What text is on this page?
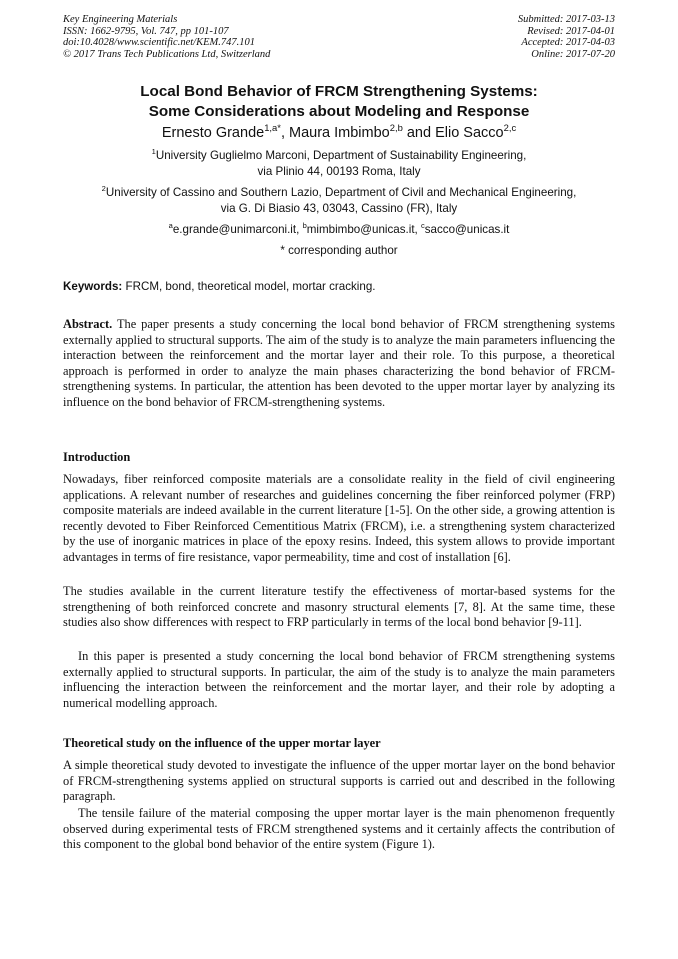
Key Engineering Materials
ISSN: 1662-9795, Vol. 747, pp 101-107
doi:10.4028/www.scientific.net/KEM.747.101
© 2017 Trans Tech Publications Ltd, Switzerland
Submitted: 2017-03-13
Revised: 2017-04-01
Accepted: 2017-04-03
Online: 2017-07-20
Local Bond Behavior of FRCM Strengthening Systems:
Some Considerations about Modeling and Response
Ernesto Grande$^{1,a*}$, Maura Imbimbo$^{2,b}$ and Elio Sacco$^{2,c}$
$^1$University Guglielmo Marconi, Department of Sustainability Engineering,
via Plinio 44, 00193 Roma, Italy
$^2$University of Cassino and Southern Lazio, Department of Civil and Mechanical Engineering,
via G. Di Biasio 43, 03043, Cassino (FR), Italy
$^a$e.grande@unimarconi.it, $^b$mimbimbo@unicas.it, $^c$sacco@unicas.it
* corresponding author
Keywords: FRCM, bond, theoretical model, mortar cracking.
Abstract. The paper presents a study concerning the local bond behavior of FRCM strengthening systems externally applied to structural supports. The aim of the study is to analyze the main parameters influencing the interaction between the reinforcement and the mortar layer and their role. To this purpose, a theoretical approach is performed in order to analyze the main phases characterizing the bond behavior of FRCM-strengthening systems. In particular, the attention has been devoted to the upper mortar layer by analyzing its influence on the bond behavior of FRCM-strengthening systems.
Introduction
Nowadays, fiber reinforced composite materials are a consolidate reality in the field of civil engineering applications. A relevant number of researches and guidelines concerning the fiber reinforced polymer (FRP) composite materials are indeed available in the current literature [1-5]. On the other side, a growing attention is recently devoted to Fiber Reinforced Cementitious Matrix (FRCM), i.e. a strengthening system characterized by the use of inorganic matrices in place of the epoxy resins. Indeed, this system allows to provide important advantages in terms of fire resistance, vapor permeability, time and cost of installation [6].
The studies available in the current literature testify the effectiveness of mortar-based systems for the strengthening of both reinforced concrete and masonry structural elements [7, 8]. At the same time, these studies also show differences with respect to FRP particularly in terms of the local bond behavior [9-11].
In this paper is presented a study concerning the local bond behavior of FRCM strengthening systems externally applied to structural supports. In particular, the aim of the study is to analyze the main parameters influencing the interaction between the reinforcement and the mortar layer, and their role by adopting a numerical modelling approach.
Theoretical study on the influence of the upper mortar layer
A simple theoretical study devoted to investigate the influence of the upper mortar layer on the bond behavior of FRCM-strengthening systems applied on structural supports is carried out and described in the following paragraph.
The tensile failure of the material composing the upper mortar layer is the main phenomenon frequently observed during experimental tests of FRCM strengthened systems and it certainly affects the contribution of this component to the global bond behavior of the entire system (Figure 1).
